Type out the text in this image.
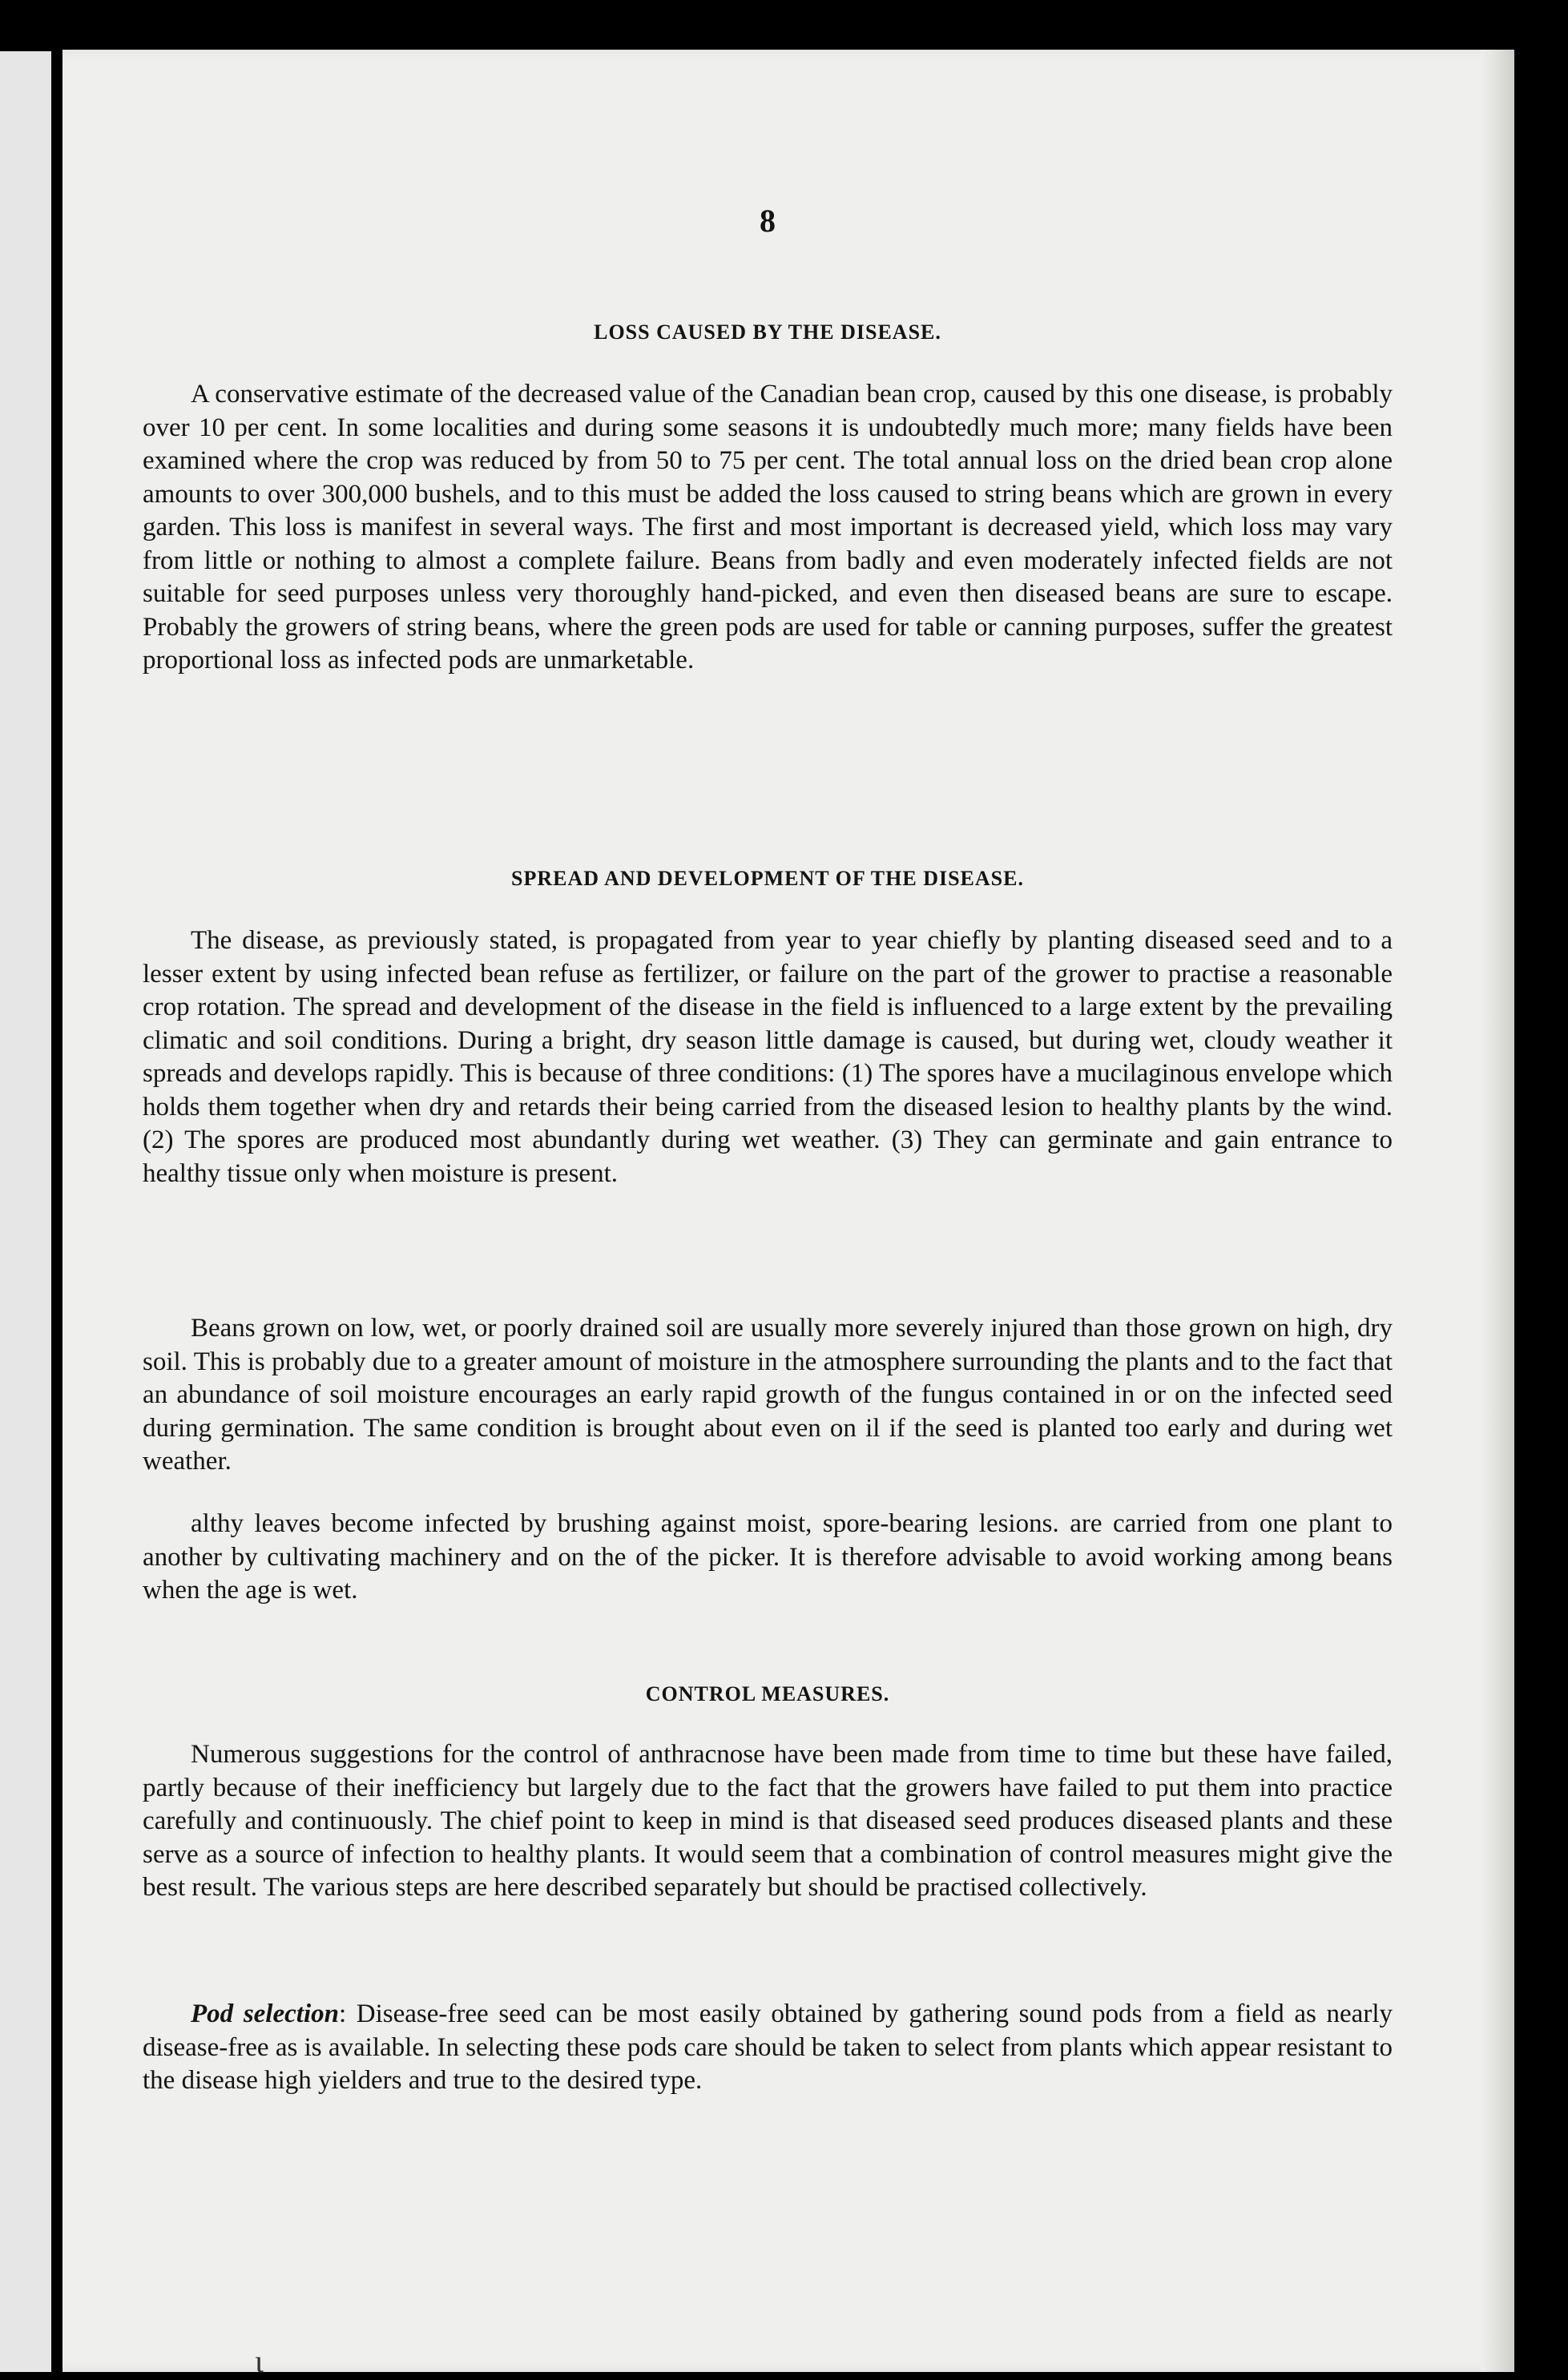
8
LOSS CAUSED BY THE DISEASE.

A conservative estimate of the decreased value of the Canadian bean crop, caused by this one disease, is probably over 10 per cent. In some localities and during some seasons it is undoubtedly much more; many fields have been examined where the crop was reduced by from 50 to 75 per cent. The total annual loss on the dried bean crop alone amounts to over 300,000 bushels, and to this must be added the loss caused to string beans which are grown in every garden. This loss is manifest in several ways. The first and most important is decreased yield, which loss may vary from little or nothing to almost a complete failure. Beans from badly and even moderately infected fields are not suitable for seed purposes unless very thoroughly hand-picked, and even then diseased beans are sure to escape. Probably the growers of string beans, where the green pods are used for table or canning purposes, suffer the greatest proportional loss as infected pods are unmarketable.

SPREAD AND DEVELOPMENT OF THE DISEASE.

The disease, as previously stated, is propagated from year to year chiefly by planting diseased seed and to a lesser extent by using infected bean refuse as fertilizer, or failure on the part of the grower to practise a reasonable crop rotation. The spread and development of the disease in the field is influenced to a large extent by the prevailing climatic and soil conditions. During a bright, dry season little damage is caused, but during wet, cloudy weather it spreads and develops rapidly. This is because of three conditions: (1) The spores have a mucilaginous envelope which holds them together when dry and retards their being carried from the diseased lesion to healthy plants by the wind. (2) The spores are produced most abundantly during wet weather. (3) They can germinate and gain entrance to healthy tissue only when moisture is present.

Beans grown on low, wet, or poorly drained soil are usually more severely injured than those grown on high, dry soil. This is probably due to a greater amount of moisture in the atmosphere surrounding the plants and to the fact that an abundance of soil moisture encourages an early rapid growth of the fungus contained in or on the infected seed during germination. The same condition is brought about even on il if the seed is planted too early and during wet weather.

althy leaves become infected by brushing against moist, spore-bearing lesions. are carried from one plant to another by cultivating machinery and on the of the picker. It is therefore advisable to avoid working among beans when the age is wet.

CONTROL MEASURES.

Numerous suggestions for the control of anthracnose have been made from time to time but these have failed, partly because of their inefficiency but largely due to the fact that the growers have failed to put them into practice carefully and continuously. The chief point to keep in mind is that diseased seed produces diseased plants and these serve as a source of infection to healthy plants. It would seem that a combination of control measures might give the best result. The various steps are here described separately but should be practised collectively.

Pod selection: Disease-free seed can be most easily obtained by gathering sound pods from a field as nearly disease-free as is available. In selecting these pods care should be taken to select from plants which appear resistant to the disease high yielders and true to the desired type.

ɩ
